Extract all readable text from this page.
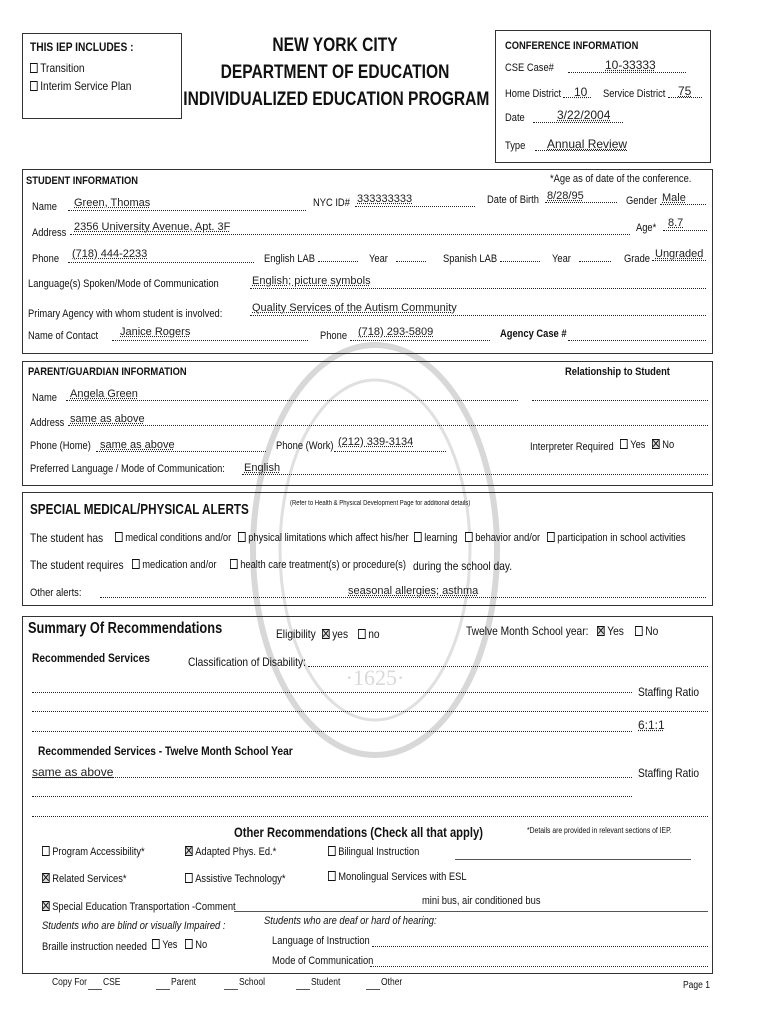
·1625·
THIS IEP INCLUDES :
Transition
Interim Service Plan
NEW YORK CITY
DEPARTMENT OF EDUCATION
INDIVIDUALIZED EDUCATION PROGRAM
CONFERENCE INFORMATION
CSE Case#	10-33333
Home District 10 Service District 75
Date	3/22/2004
Type Annual Review
STUDENT INFORMATION	*Age as of date of the conference.
Name Green, Thomas	NYC ID# 333333333	Date of Birth 8/28/95	Gender Male
Address 2356 University Avenue, Apt. 3F	Age* 8.7
Phone (718) 444-2233	English LAB	Year	Spanish LAB	Year	Grade Ungraded
Language(s) Spoken/Mode of Communication	English; picture symbols
Primary Agency with whom student is involved:	Quality Services of the Autism Community
Name of Contact Janice Rogers	Phone (718) 293-5809	Agency Case #
PARENT/GUARDIAN INFORMATION	Relationship to Student
Name Angela Green
Address same as above
Phone (Home) same as above	Phone (Work) (212) 339-3134	Interpreter Required	Yes	No
Preferred Language / Mode of Communication: English
SPECIAL MEDICAL/PHYSICAL ALERTS	(Refer to Health & Physical Development Page for additional details)
The student has	medical conditions and/or	physical limitations which affect his/her	learning	behavior and/or	participation in school activities
The student requires	medication and/or	health care treatment(s) or procedure(s) during the school day.
Other alerts:	seasonal allergies; asthma
Summary Of Recommendations	Eligibility	yes	no	Twelve Month School year:	Yes	No
Recommended Services	Classification of Disability:
Staffing Ratio
6:1:1
Recommended Services - Twelve Month School Year
same as above	Staffing Ratio
Other Recommendations (Check all that apply)	*Details are provided in relevant sections of IEP.
Program Accessibility*	Adapted Phys. Ed.*	Bilingual Instruction
Related Services*	Assistive Technology*	Monolingual Services with ESL
Special Education Transportation -Comment	mini bus, air conditioned bus
Students who are blind or visually Impaired :
Braille instruction needed	Yes	No
Students who are deaf or hard of hearing:
Language of Instruction
Mode of Communication
Copy For CSE	Parent	School	Student	Other	Page 1
